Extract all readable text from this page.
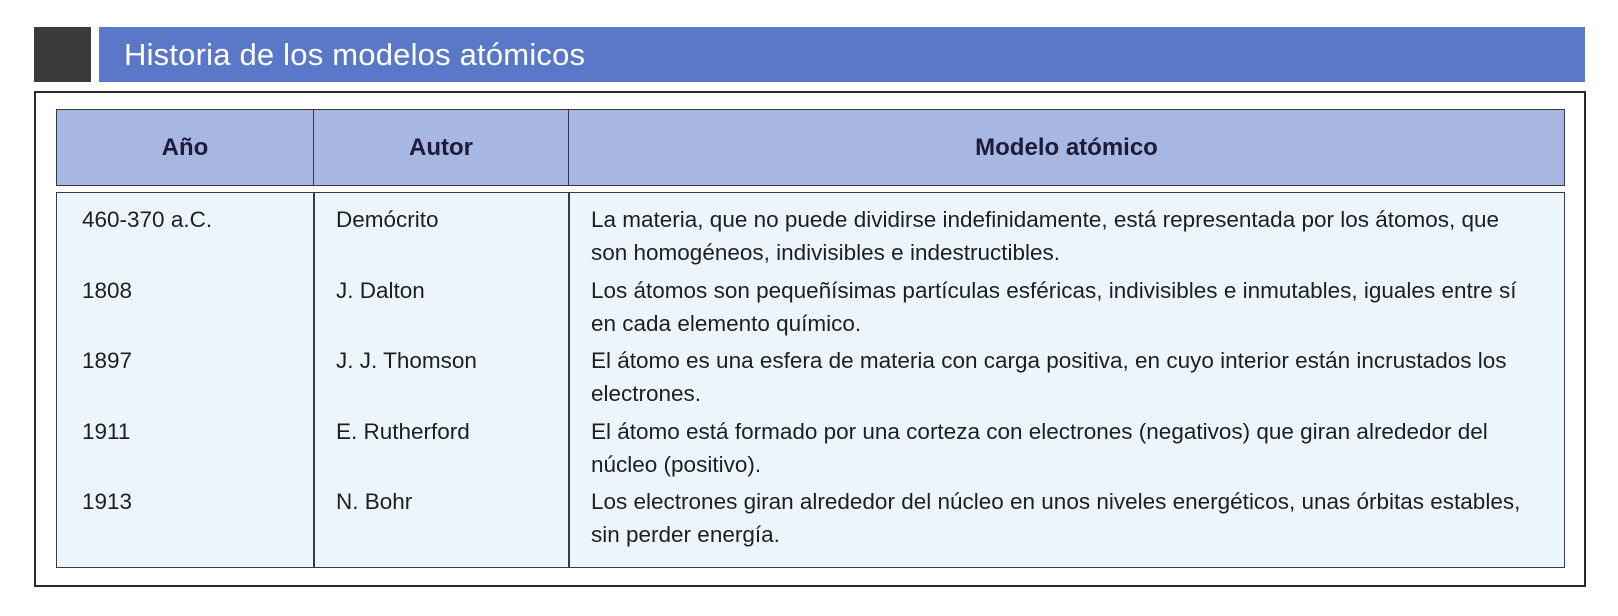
Historia de los modelos atómicos
Año	Autor	Modelo atómico
460-370 a.C.	Demócrito	La materia, que no puede dividirse indefinidamente, está representada por los átomos, que son homogéneos, indivisibles e indestructibles.
1808	J. Dalton	Los átomos son pequeñísimas partículas esféricas, indivisibles e inmutables, iguales entre sí en cada elemento químico.
1897	J. J. Thomson	El átomo es una esfera de materia con carga positiva, en cuyo interior están incrustados los electrones.
1911	E. Rutherford	El átomo está formado por una corteza con electrones (negativos) que giran alrededor del núcleo (positivo).
1913	N. Bohr	Los electrones giran alrededor del núcleo en unos niveles energéticos, unas órbitas estables, sin perder energía.
